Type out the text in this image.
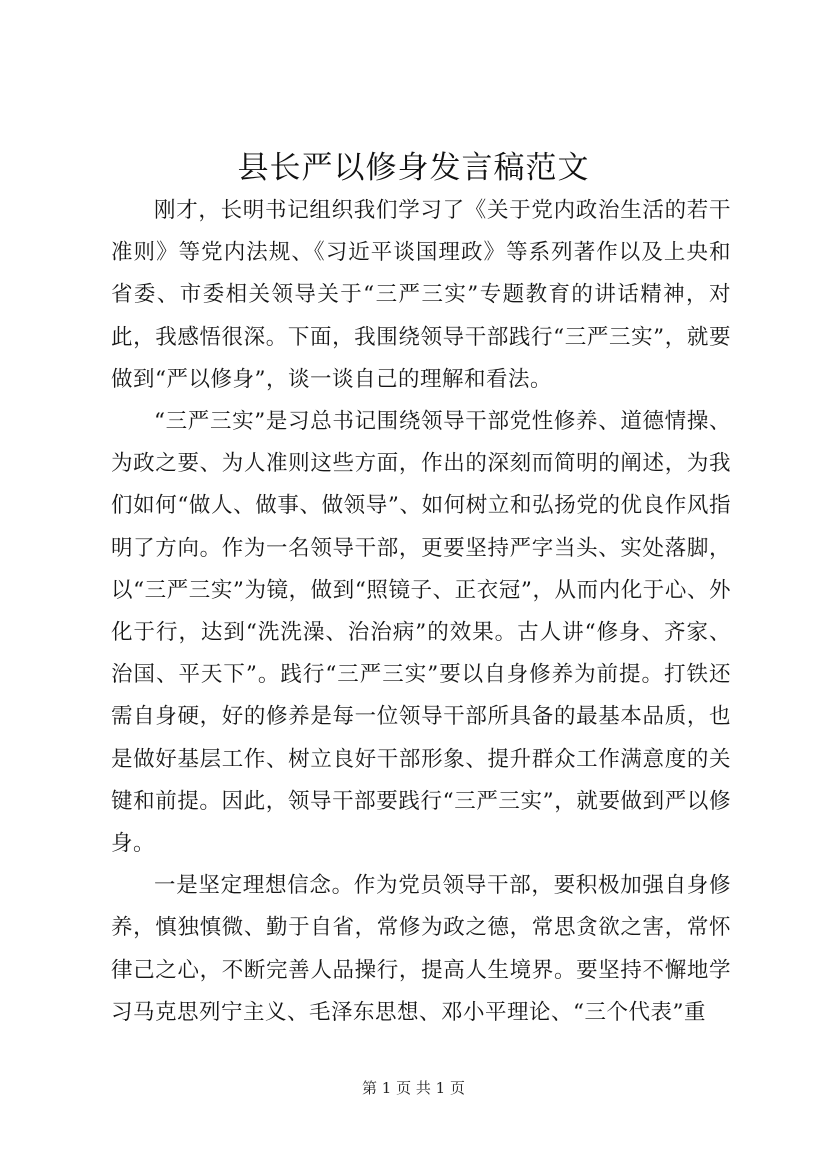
县长严以修身发言稿范文

刚才，长明书记组织我们学习了《关于党内政治生活的若干准则》等党内法规、《习近平谈国理政》等系列著作以及上央和省委、市委相关领导关于“三严三实”专题教育的讲话精神，对此，我感悟很深。下面，我围绕领导干部践行“三严三实”，就要做到“严以修身”，谈一谈自己的理解和看法。

“三严三实”是习总书记围绕领导干部党性修养、道德情操、为政之要、为人准则这些方面，作出的深刻而简明的阐述，为我们如何“做人、做事、做领导”、如何树立和弘扬党的优良作风指明了方向。作为一名领导干部，更要坚持严字当头、实处落脚，以“三严三实”为镜，做到“照镜子、正衣冠”，从而内化于心、外化于行，达到“洗洗澡、治治病”的效果。古人讲“修身、齐家、治国、平天下”。践行“三严三实”要以自身修养为前提。打铁还需自身硬，好的修养是每一位领导干部所具备的最基本品质，也是做好基层工作、树立良好干部形象、提升群众工作满意度的关键和前提。因此，领导干部要践行“三严三实”，就要做到严以修身。

一是坚定理想信念。作为党员领导干部，要积极加强自身修养，慎独慎微、勤于自省，常修为政之德，常思贪欲之害，常怀律己之心，不断完善人品操行，提高人生境界。要坚持不懈地学习马克思列宁主义、毛泽东思想、邓小平理论、“三个代表”重

第 1 页 共 1 页
